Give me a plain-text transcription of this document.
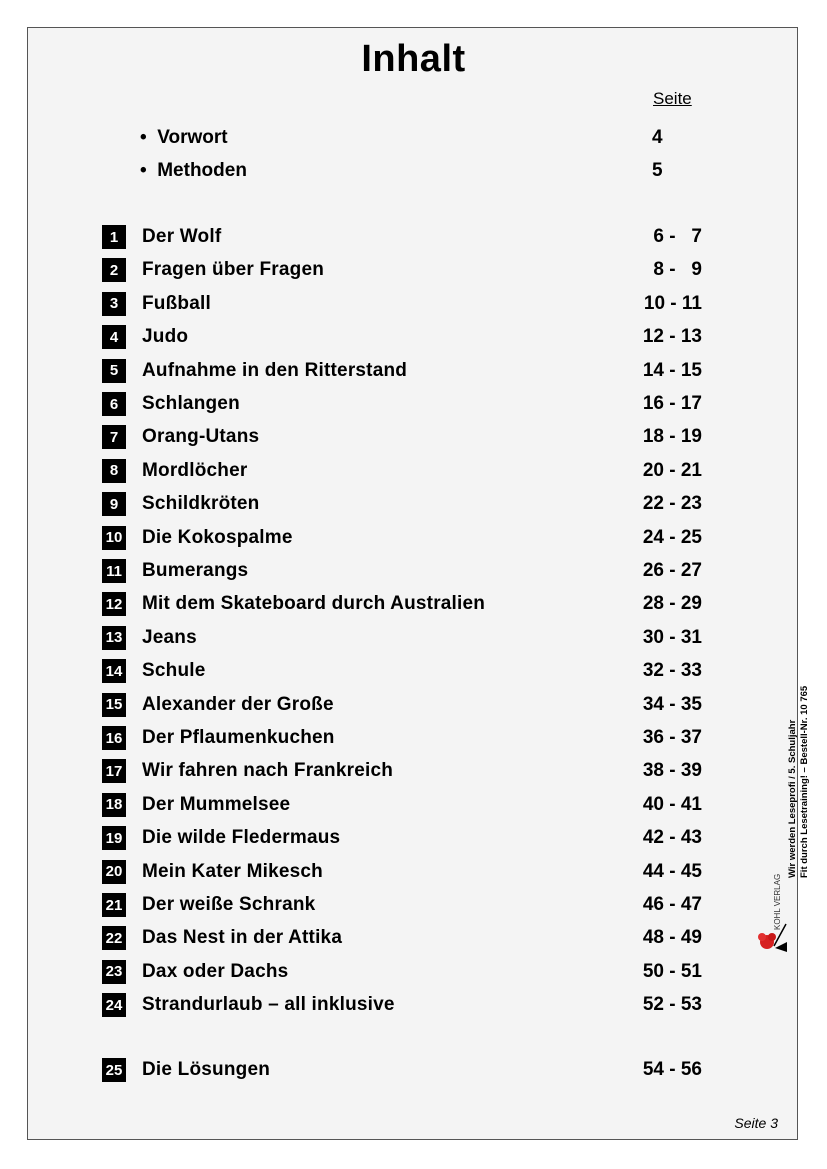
Inhalt
Seite
• Vorwort	4
• Methoden	5
1	Der Wolf	6 -   7
2	Fragen über Fragen	8 -   9
3	Fußball	10 - 11
4	Judo	12 - 13
5	Aufnahme in den Ritterstand	14 - 15
6	Schlangen	16 - 17
7	Orang-Utans	18 - 19
8	Mordlöcher	20 - 21
9	Schildkröten	22 - 23
10 Die Kokospalme	24 - 25
11 Bumerangs	26 - 27
12 Mit dem Skateboard durch Australien	28 - 29
13 Jeans	30 - 31
14 Schule	32 - 33
15 Alexander der Große	34 - 35
16 Der Pflaumenkuchen	36 - 37
17 Wir fahren nach Frankreich	38 - 39
18 Der Mummelsee	40 - 41
19 Die wilde Fledermaus	42 - 43
20 Mein Kater Mikesch	44 - 45
21 Der weiße Schrank	46 - 47
22 Das Nest in der Attika	48 - 49
23 Dax oder Dachs	50 - 51
24 Strandurlaub – all inklusive	52 - 53
25 Die Lösungen	54 - 56
KOHL VERLAG
Wir werden Leseprofi / 5. Schuljahr Fit durch Lesetraining! – Bestell-Nr. 10 765
Seite 3
